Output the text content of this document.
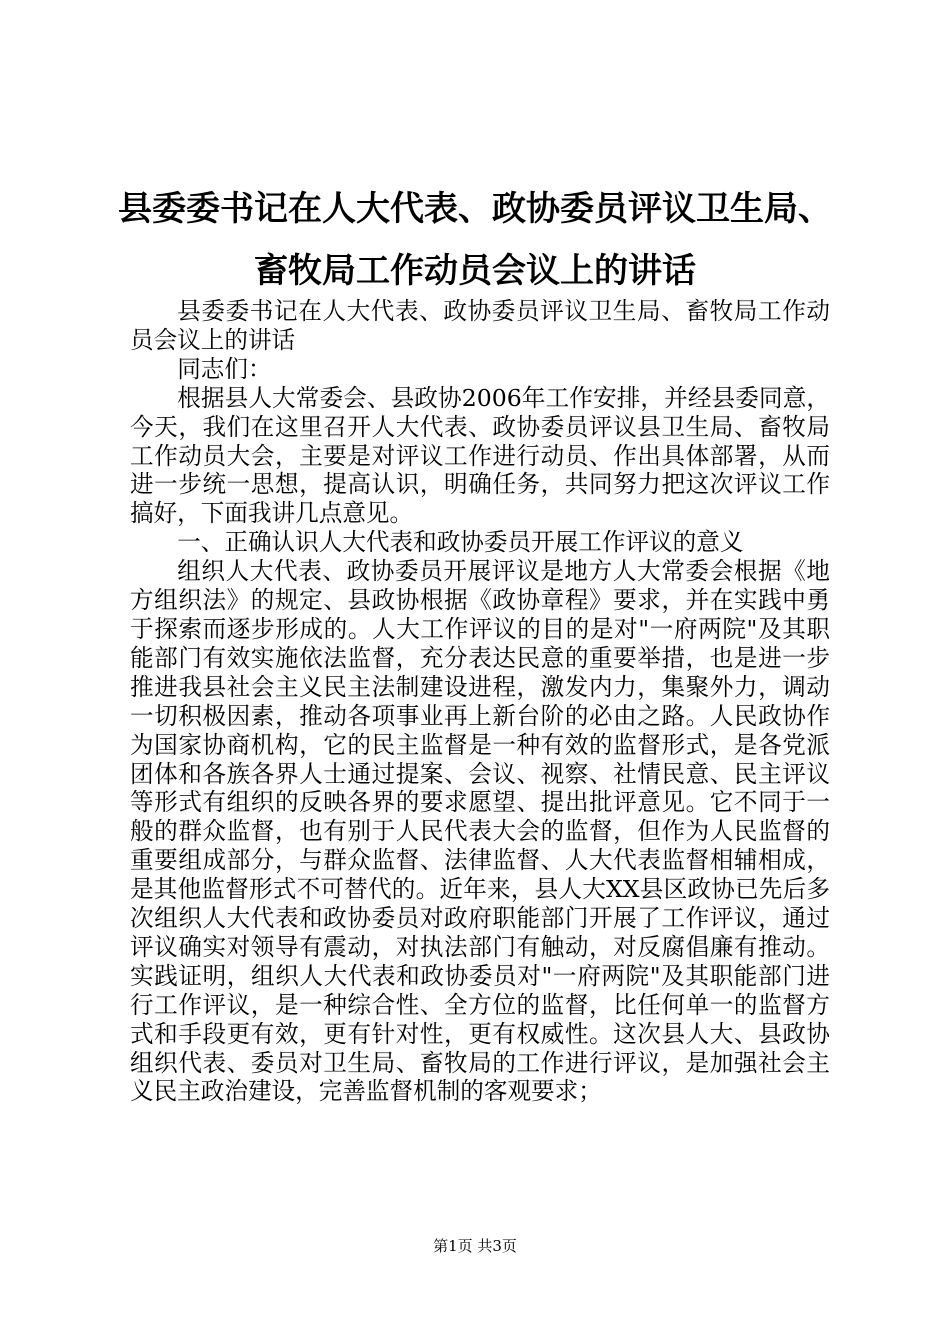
县委委书记在人大代表、政协委员评议卫生局、
畜牧局工作动员会议上的讲话

县委委书记在人大代表、政协委员评议卫生局、畜牧局工作动员会议上的讲话

同志们：

根据县人大常委会、县政协2006年工作安排，并经县委同意，今天，我们在这里召开人大代表、政协委员评议县卫生局、畜牧局工作动员大会，主要是对评议工作进行动员、作出具体部署，从而进一步统一思想，提高认识，明确任务，共同努力把这次评议工作搞好，下面我讲几点意见。

一、正确认识人大代表和政协委员开展工作评议的意义

组织人大代表、政协委员开展评议是地方人大常委会根据《地方组织法》的规定、县政协根据《政协章程》要求，并在实践中勇于探索而逐步形成的。人大工作评议的目的是对"一府两院"及其职能部门有效实施依法监督，充分表达民意的重要举措，也是进一步推进我县社会主义民主法制建设进程，激发内力，集聚外力，调动一切积极因素，推动各项事业再上新台阶的必由之路。人民政协作为国家协商机构，它的民主监督是一种有效的监督形式，是各党派团体和各族各界人士通过提案、会议、视察、社情民意、民主评议等形式有组织的反映各界的要求愿望、提出批评意见。它不同于一般的群众监督，也有别于人民代表大会的监督，但作为人民监督的重要组成部分，与群众监督、法律监督、人大代表监督相辅相成，是其他监督形式不可替代的。近年来，县人大XX县区政协已先后多次组织人大代表和政协委员对政府职能部门开展了工作评议，通过评议确实对领导有震动，对执法部门有触动，对反腐倡廉有推动。实践证明，组织人大代表和政协委员对"一府两院"及其职能部门进行工作评议，是一种综合性、全方位的监督，比任何单一的监督方式和手段更有效，更有针对性，更有权威性。这次县人大、县政协组织代表、委员对卫生局、畜牧局的工作进行评议，是加强社会主义民主政治建设，完善监督机制的客观要求；

第1页 共3页
